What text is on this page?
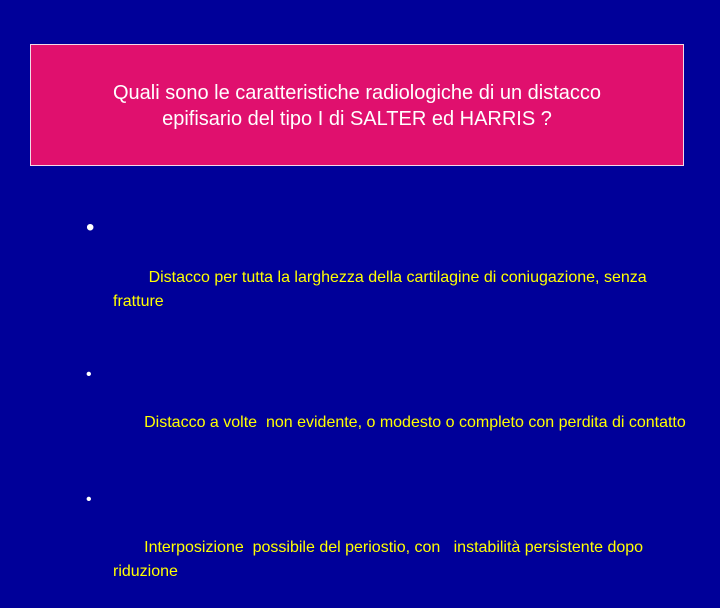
Quali sono le caratteristiche radiologiche di un distacco
epifisario del tipo I di SALTER ed HARRIS ?

•

Distacco per tutta la larghezza della cartilagine di coniugazione, senza fratture

•

Distacco a volte  non evidente, o modesto o completo con perdita di contatto

•

Interposizione  possibile del periostio, con   instabilità persistente dopo riduzione
